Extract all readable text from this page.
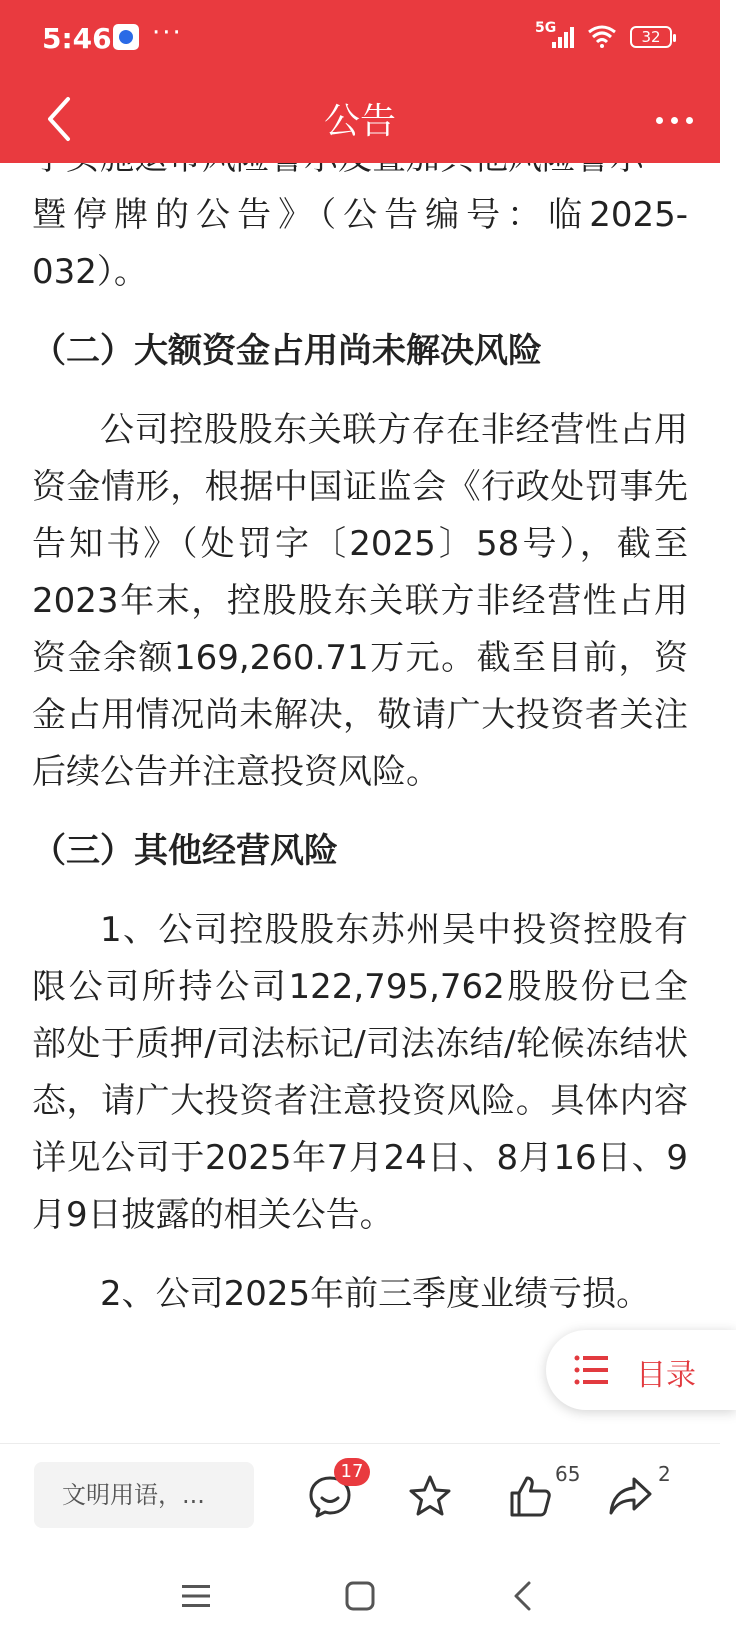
5:46 ···	5G	32
公告

暨停牌的公告》（公告编号：临2025-032）。

（二）大额资金占用尚未解决风险

公司控股股东关联方存在非经营性占用资金情形，根据中国证监会《行政处罚事先告知书》（处罚字〔2025〕58号），截至2023年末，控股股东关联方非经营性占用资金余额169,260.71万元。截至目前，资金占用情况尚未解决，敬请广大投资者关注后续公告并注意投资风险。

（三）其他经营风险

1、公司控股股东苏州吴中投资控股有限公司所持公司122,795,762股股份已全部处于质押/司法标记/司法冻结/轮候冻结状态，请广大投资者注意投资风险。具体内容详见公司于2025年7月24日、8月16日、9月9日披露的相关公告。

2、公司2025年前三季度业绩亏损。

目录
文明用语，...
17	65	2
